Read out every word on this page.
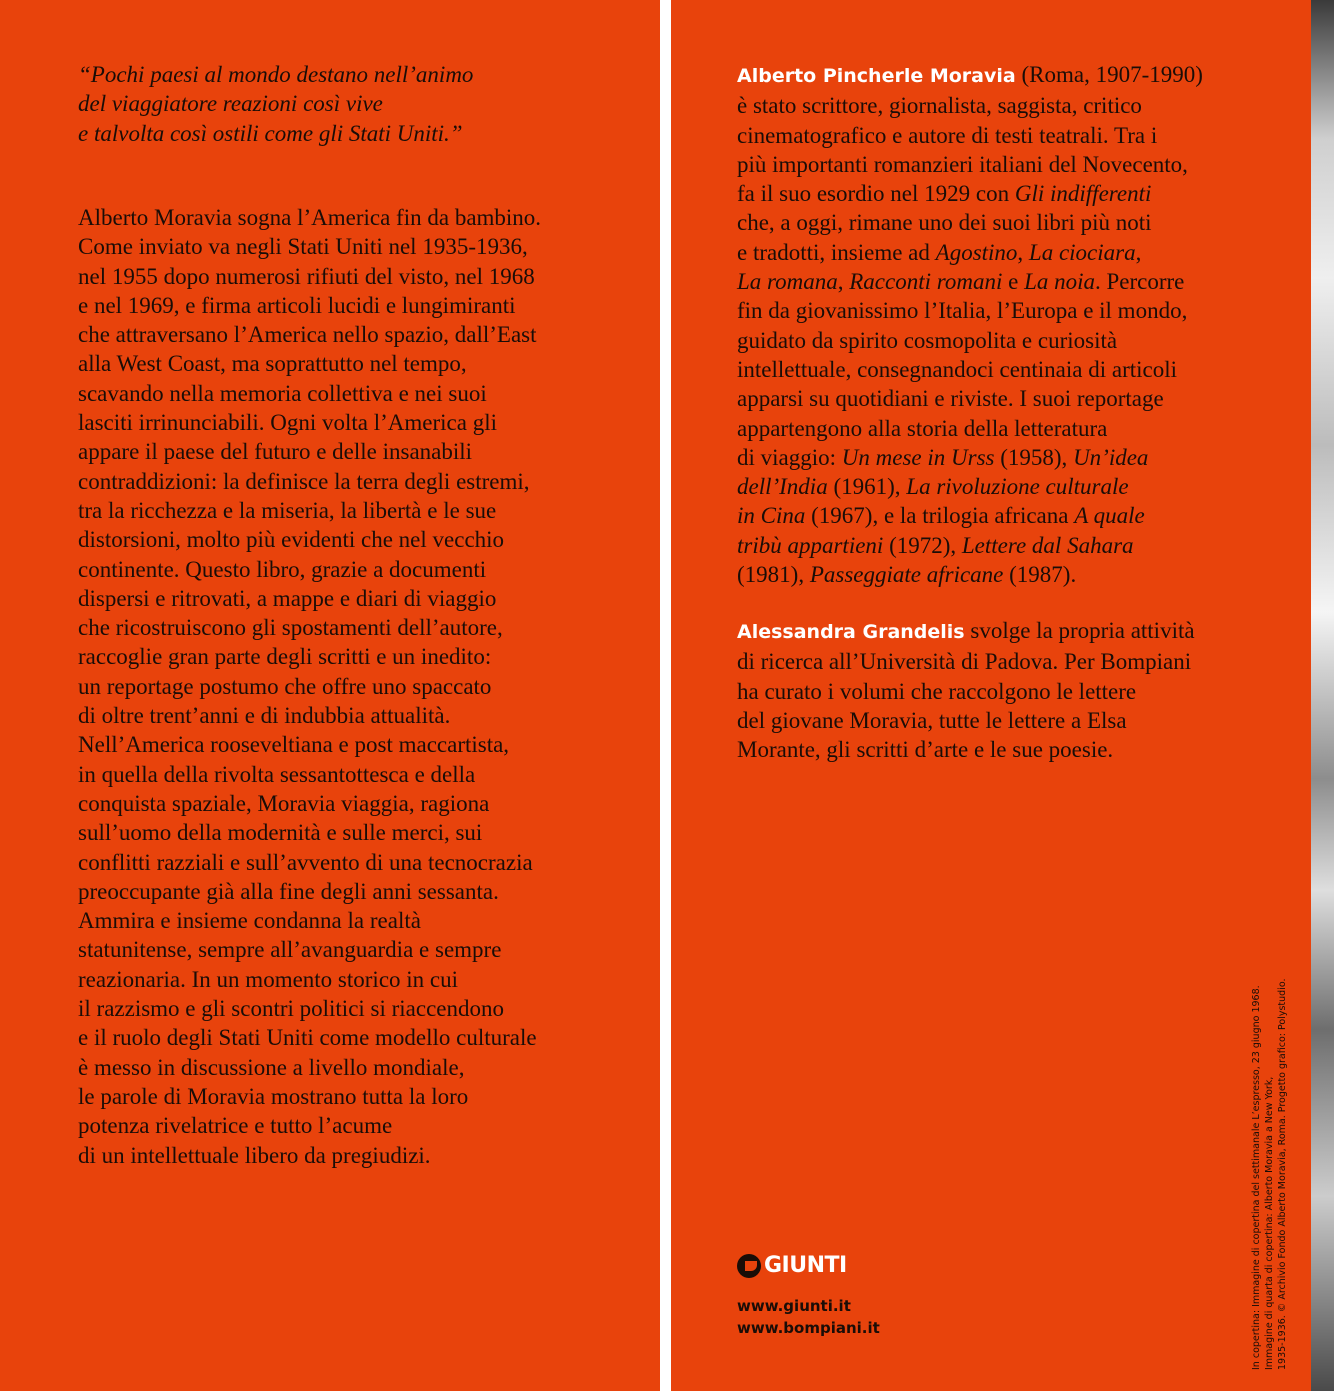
“Pochi paesi al mondo destano nell’animo
del viaggiatore reazioni così vive
e talvolta così ostili come gli Stati Uniti.”
Alberto Moravia sogna l’America fin da bambino.
Come inviato va negli Stati Uniti nel 1935-1936,
nel 1955 dopo numerosi rifiuti del visto, nel 1968
e nel 1969, e firma articoli lucidi e lungimiranti
che attraversano l’America nello spazio, dall’East
alla West Coast, ma soprattutto nel tempo,
scavando nella memoria collettiva e nei suoi
lasciti irrinunciabili. Ogni volta l’America gli
appare il paese del futuro e delle insanabili
contraddizioni: la definisce la terra degli estremi,
tra la ricchezza e la miseria, la libertà e le sue
distorsioni, molto più evidenti che nel vecchio
continente. Questo libro, grazie a documenti
dispersi e ritrovati, a mappe e diari di viaggio
che ricostruiscono gli spostamenti dell’autore,
raccoglie gran parte degli scritti e un inedito:
un reportage postumo che offre uno spaccato
di oltre trent’anni e di indubbia attualità.
Nell’America rooseveltiana e post maccartista,
in quella della rivolta sessantottesca e della
conquista spaziale, Moravia viaggia, ragiona
sull’uomo della modernità e sulle merci, sui
conflitti razziali e sull’avvento di una tecnocrazia
preoccupante già alla fine degli anni sessanta.
Ammira e insieme condanna la realtà
statunitense, sempre all’avanguardia e sempre
reazionaria. In un momento storico in cui
il razzismo e gli scontri politici si riaccendono
e il ruolo degli Stati Uniti come modello culturale
è messo in discussione a livello mondiale,
le parole di Moravia mostrano tutta la loro
potenza rivelatrice e tutto l’acume
di un intellettuale libero da pregiudizi.
Alberto Pincherle Moravia (Roma, 1907-1990)
è stato scrittore, giornalista, saggista, critico
cinematografico e autore di testi teatrali. Tra i
più importanti romanzieri italiani del Novecento,
fa il suo esordio nel 1929 con Gli indifferenti
che, a oggi, rimane uno dei suoi libri più noti
e tradotti, insieme ad Agostino, La ciociara,
La romana, Racconti romani e La noia. Percorre
fin da giovanissimo l’Italia, l’Europa e il mondo,
guidato da spirito cosmopolita e curiosità
intellettuale, consegnandoci centinaia di articoli
apparsi su quotidiani e riviste. I suoi reportage
appartengono alla storia della letteratura
di viaggio: Un mese in Urss (1958), Un’idea
dell’India (1961), La rivoluzione culturale
in Cina (1967), e la trilogia africana A quale
tribù appartieni (1972), Lettere dal Sahara
(1981), Passeggiate africane (1987).
Alessandra Grandelis svolge la propria attività
di ricerca all’Università di Padova. Per Bompiani
ha curato i volumi che raccolgono le lettere
del giovane Moravia, tutte le lettere a Elsa
Morante, gli scritti d’arte e le sue poesie.
GIUNTI
www.giunti.it
www.bompiani.it	In copertina: Immagine di copertina del settimanale L’espresso, 23 giugno 1968. Immagine di quarta di copertina: Alberto Moravia a New York, 1935-1936. © Archivio Fondo Alberto Moravia, Roma. Progetto grafico: Polystudio.
